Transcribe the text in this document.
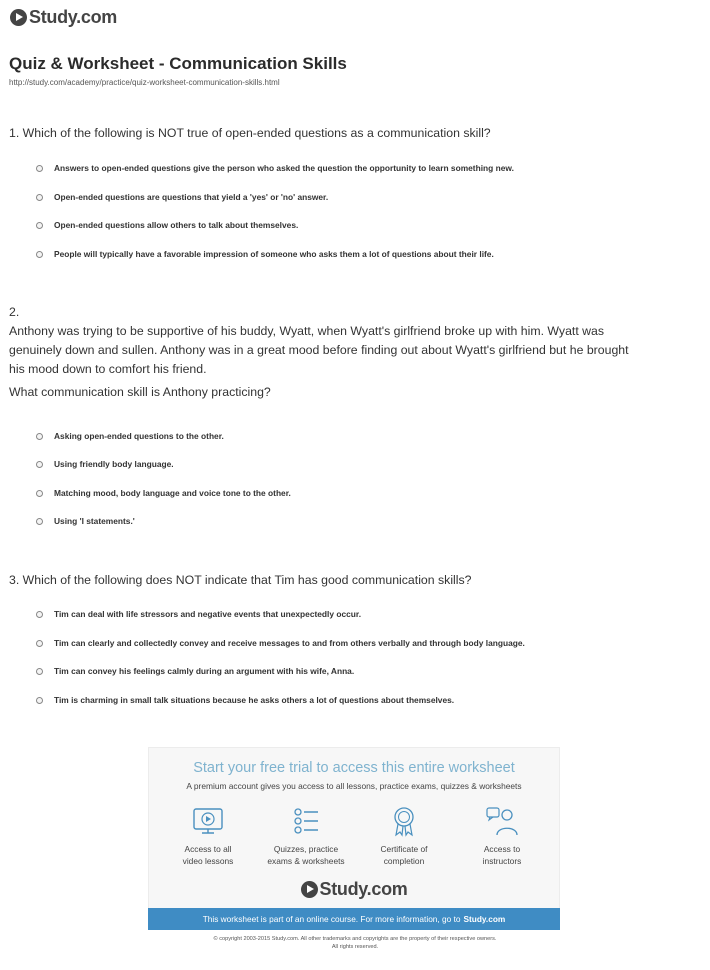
Study.com
Quiz & Worksheet - Communication Skills
http://study.com/academy/practice/quiz-worksheet-communication-skills.html
1. Which of the following is NOT true of open-ended questions as a communication skill?
Answers to open-ended questions give the person who asked the question the opportunity to learn something new.
Open-ended questions are questions that yield a 'yes' or 'no' answer.
Open-ended questions allow others to talk about themselves.
People will typically have a favorable impression of someone who asks them a lot of questions about their life.
2.
Anthony was trying to be supportive of his buddy, Wyatt, when Wyatt's girlfriend broke up with him. Wyatt was genuinely down and sullen. Anthony was in a great mood before finding out about Wyatt's girlfriend but he brought his mood down to comfort his friend.
What communication skill is Anthony practicing?
Asking open-ended questions to the other.
Using friendly body language.
Matching mood, body language and voice tone to the other.
Using 'I statements.'
3. Which of the following does NOT indicate that Tim has good communication skills?
Tim can deal with life stressors and negative events that unexpectedly occur.
Tim can clearly and collectedly convey and receive messages to and from others verbally and through body language.
Tim can convey his feelings calmly during an argument with his wife, Anna.
Tim is charming in small talk situations because he asks others a lot of questions about themselves.
Start your free trial to access this entire worksheet
A premium account gives you access to all lessons, practice exams, quizzes & worksheets
Access to all
video lessons
Quizzes, practice
exams & worksheets
Certificate of
completion
Access to
instructors
Study.com
This worksheet is part of an online course. For more information, go to Study.com
© copyright 2003-2015 Study.com. All other trademarks and copyrights are the property of their respective owners.
All rights reserved.
